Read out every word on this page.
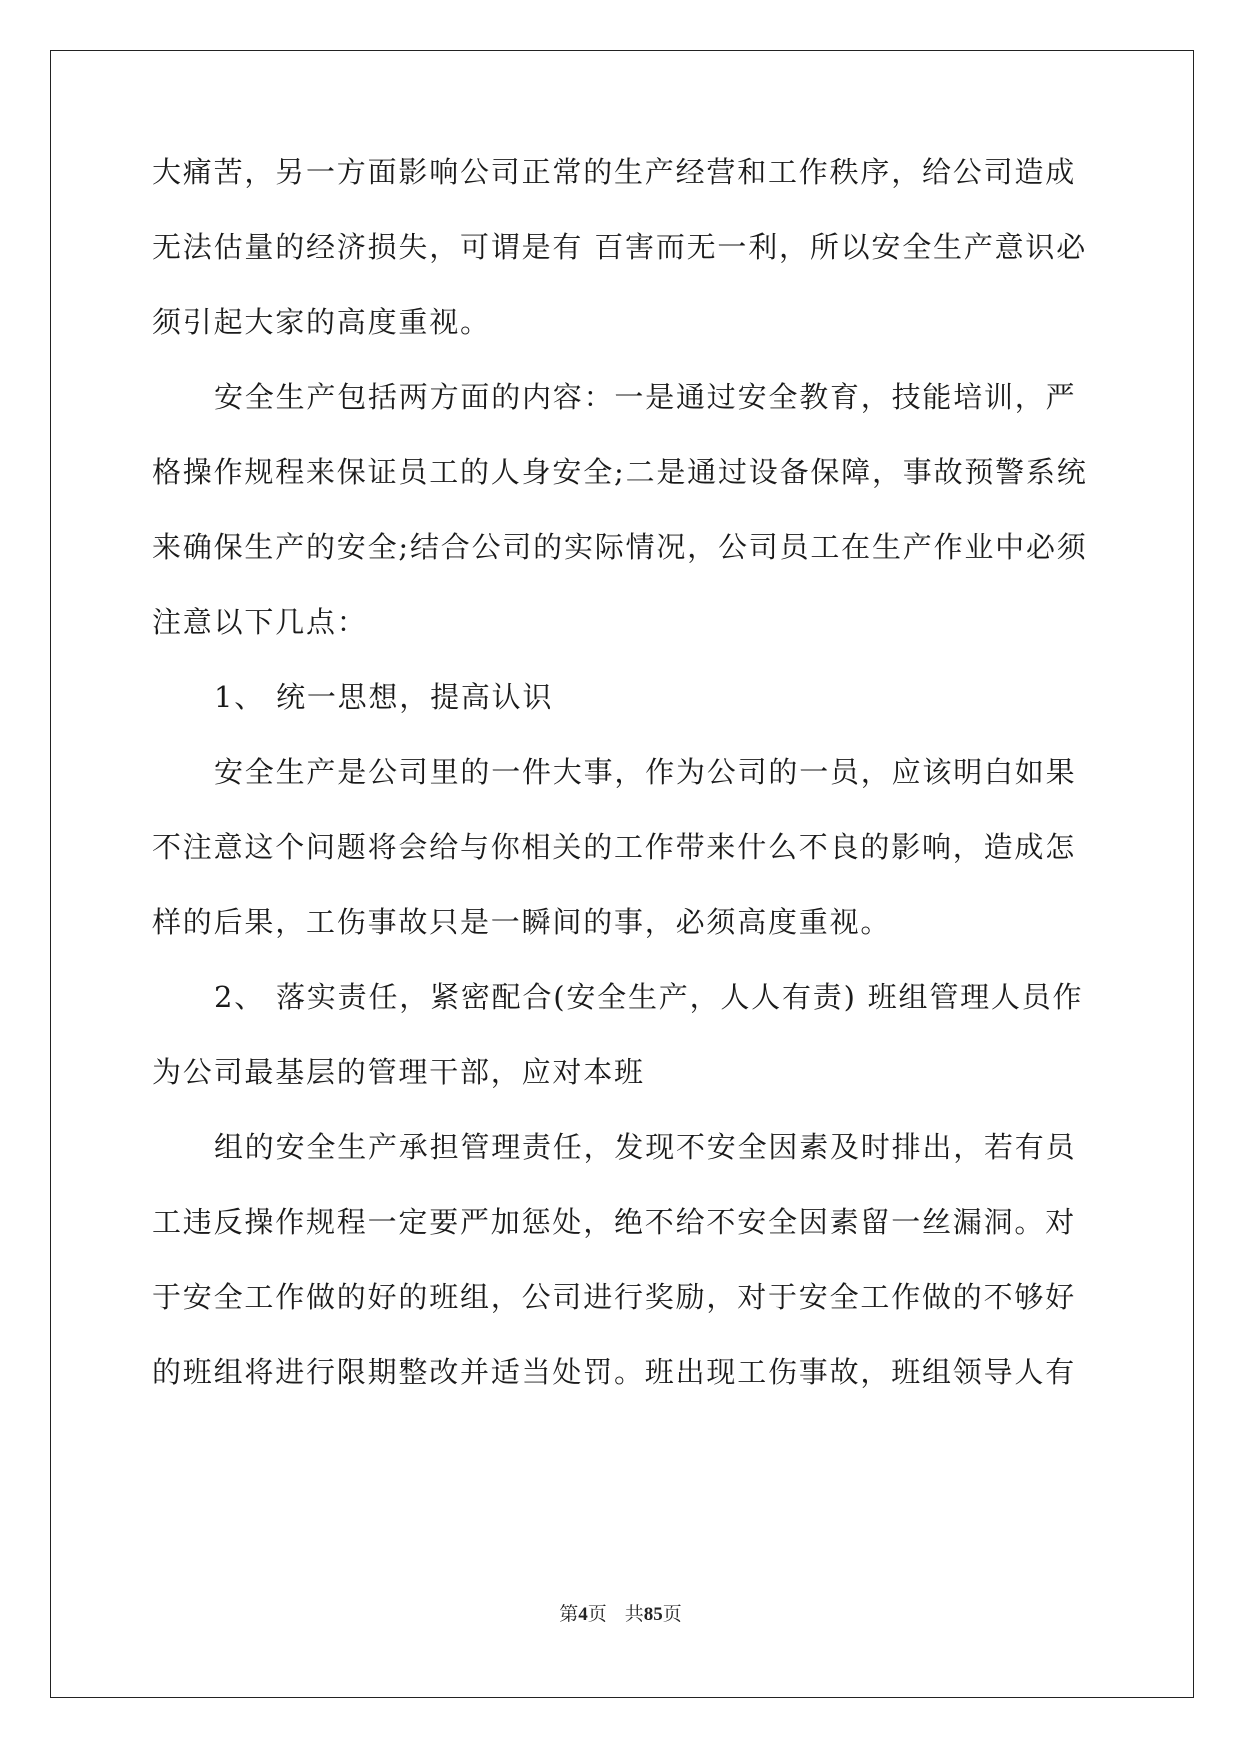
大痛苦，另一方面影响公司正常的生产经营和工作秩序，给公司造成
无法估量的经济损失，可谓是有 百害而无一利，所以安全生产意识必
须引起大家的高度重视。
安全生产包括两方面的内容：一是通过安全教育，技能培训，严
格操作规程来保证员工的人身安全;二是通过设备保障，事故预警系统
来确保生产的安全;结合公司的实际情况，公司员工在生产作业中必须
注意以下几点：
1、 统一思想，提高认识
安全生产是公司里的一件大事，作为公司的一员，应该明白如果
不注意这个问题将会给与你相关的工作带来什么不良的影响，造成怎
样的后果，工伤事故只是一瞬间的事，必须高度重视。
2、 落实责任，紧密配合(安全生产，人人有责) 班组管理人员作
为公司最基层的管理干部，应对本班
组的安全生产承担管理责任，发现不安全因素及时排出，若有员
工违反操作规程一定要严加惩处，绝不给不安全因素留一丝漏洞。对
于安全工作做的好的班组，公司进行奖励，对于安全工作做的不够好
的班组将进行限期整改并适当处罚。班出现工伤事故，班组领导人有
第4页 共85页
